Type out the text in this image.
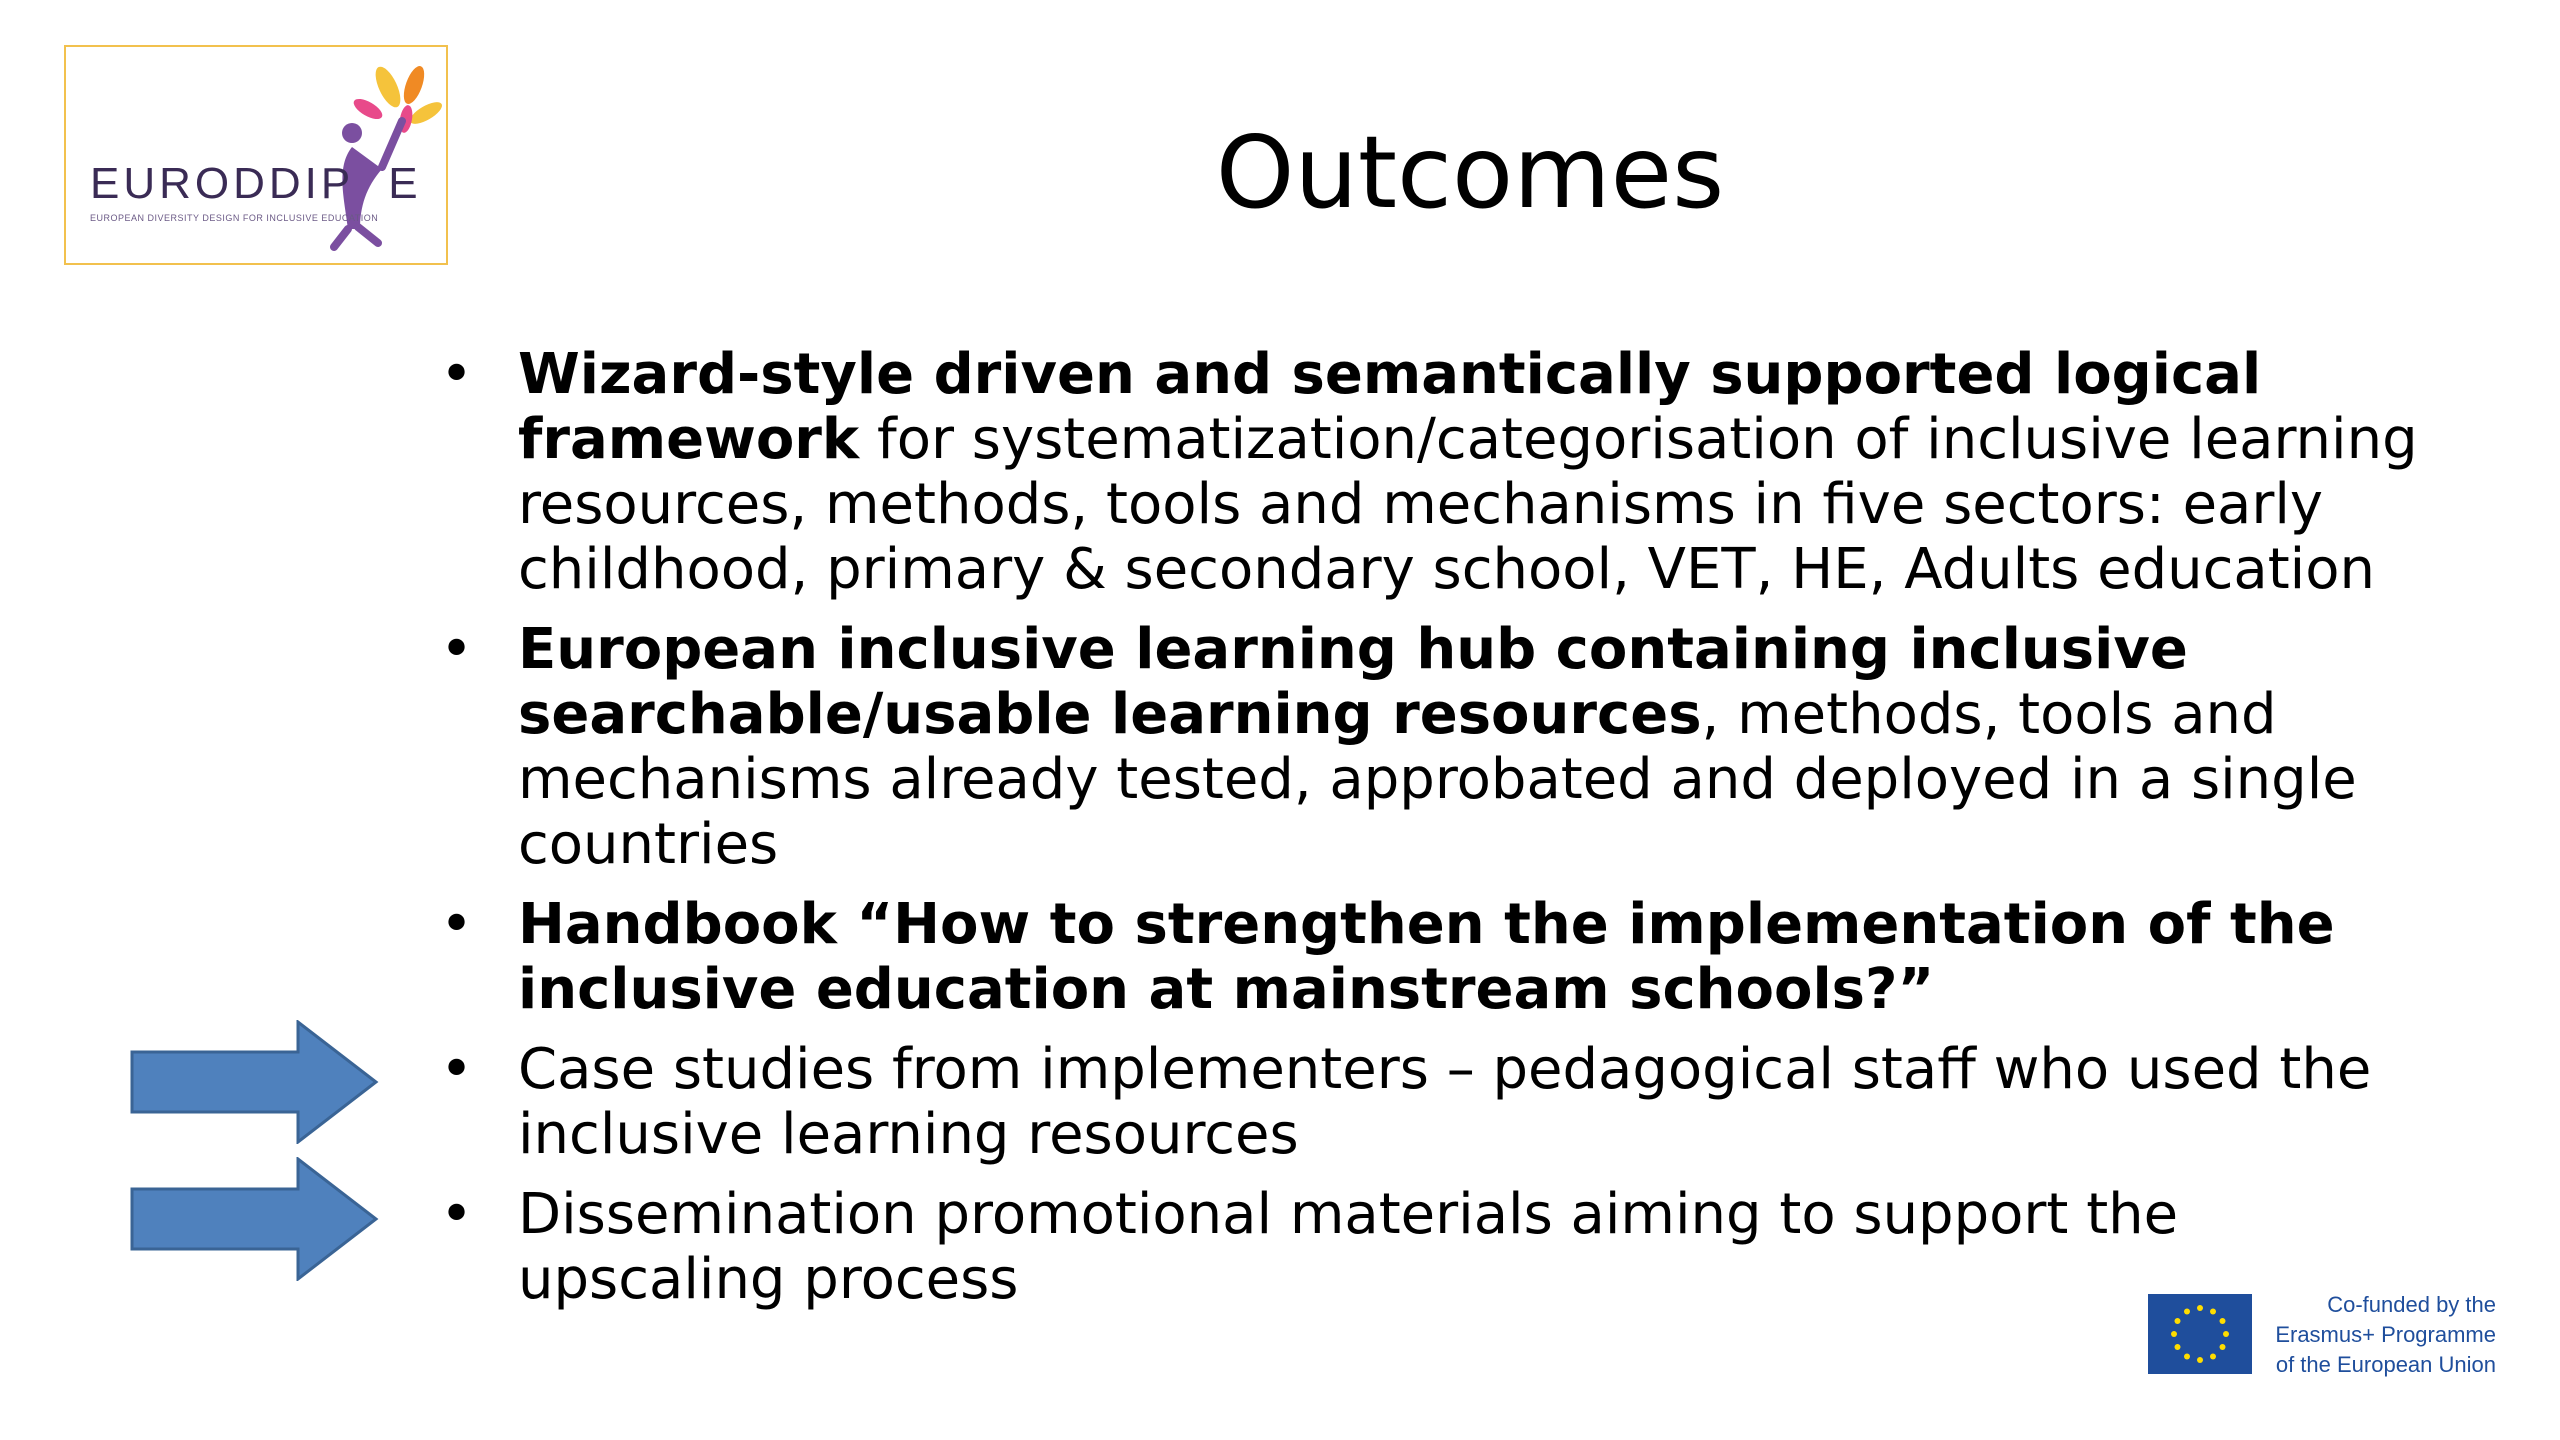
EURODDIP E
EUROPEAN DIVERSITY DESIGN FOR INCLUSIVE EDUCATION	Outcomes
• Wizard-style driven and semantically supported logical framework for systematization/categorisation of inclusive learning resources, methods, tools and mechanisms in five sectors: early childhood, primary & secondary school, VET, HE, Adults education
• European inclusive learning hub containing inclusive searchable/usable learning resources, methods, tools and mechanisms already tested, approbated and deployed in a single countries
• Handbook “How to strengthen the implementation of the inclusive education at mainstream schools?”
• Case studies from implementers – pedagogical staff who used the inclusive learning resources
• Dissemination promotional materials aiming to support the upscaling process	Co-funded by the
Erasmus+ Programme
of the European Union
